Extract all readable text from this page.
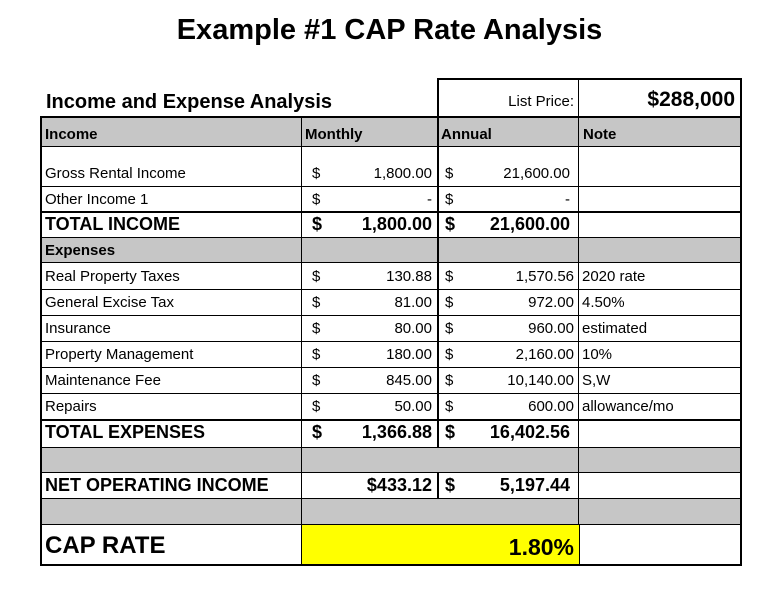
Example #1 CAP Rate Analysis
Income and Expense Analysis	List Price:	$288,000
Income	Monthly	Annual	Note
Gross Rental Income	$	1,800.00 $	21,600.00
Other Income 1	$	- $	-
TOTAL INCOME	$	1,800.00 $	21,600.00
Expenses
Real Property Taxes	$	130.88 $	1,570.56 2020 rate
General Excise Tax	$	81.00 $	972.00 4.50%
Insurance	$	80.00 $	960.00 estimated
Property Management	$	180.00 $	2,160.00 10%
Maintenance Fee	$	845.00 $	10,140.00 S,W
Repairs	$	50.00 $	600.00 allowance/mo
TOTAL EXPENSES	$	1,366.88 $	16,402.56
NET OPERATING INCOME	$433.12 $	5,197.44
CAP RATE	1.80%
